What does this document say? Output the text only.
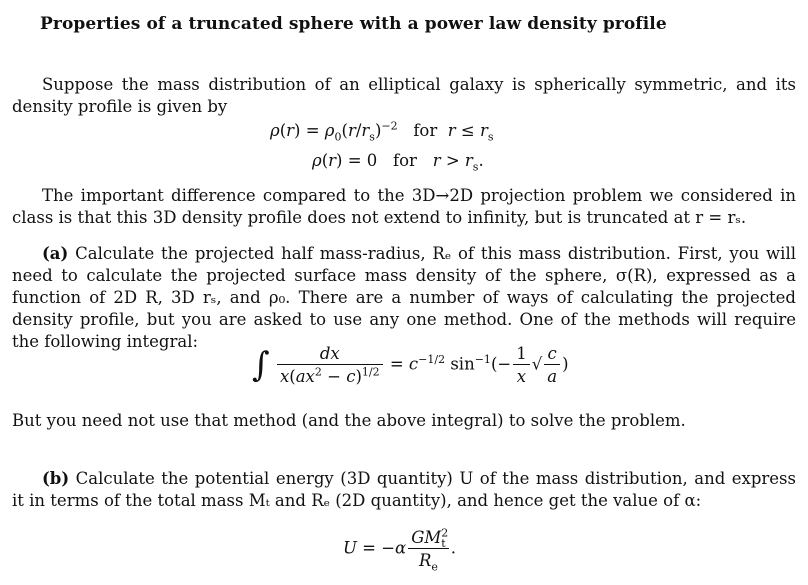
Properties of a truncated sphere with a power law density profile
Suppose the mass distribution of an elliptical galaxy is spherically symmetric, and its density profile is given by
$\rho(r) = \rho_0(r/r_s)^{-2}$   for  $r \le r_s$
ρ(r) = 0   for   $r > r_s$.
The important difference compared to the 3D→2D projection problem we considered in class is that this 3D density profile does not extend to infinity, but is truncated at r = rₛ.
(a) Calculate the projected half mass-radius, Rₑ of this mass distribution. First, you will need to calculate the projected surface mass density of the sphere, σ(R), expressed as a function of 2D R, 3D rₛ, and ρ₀. There are a number of ways of calculating the projected density profile, but you are asked to use any one method. One of the methods will require the following integral:
∫ $\frac{dx}{x(ax^2 - c)^{1/2}} = c^{-1/2}$ $\sin^{-1}(- \frac{1}{x}$ √ $\frac{c}{a}$ )
But you need not use that method (and the above integral) to solve the problem.
(b) Calculate the potential energy (3D quantity) U of the mass distribution, and express it in terms of the total mass Mₜ and Rₑ (2D quantity), and hence get the value of α:
$U = -\alpha \frac{GM^2_t}{R_e}$ .
